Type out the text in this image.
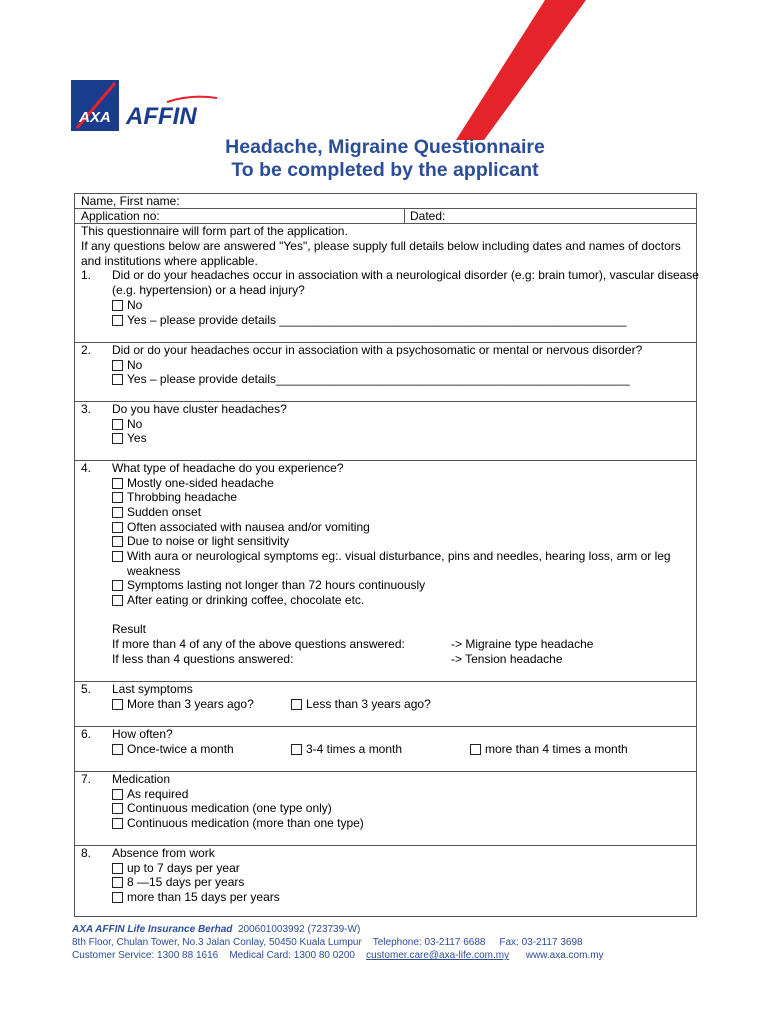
AXA AFFIN
Headache, Migraine Questionnaire
To be completed by the applicant
Name, First name:
Application no:	Dated:
This questionnaire will form part of the application.
If any questions below are answered "Yes", please supply full details below including dates and names of doctors
and institutions where applicable.
1. Did or do your headaches occur in association with a neurological disorder (e.g: brain tumor), vascular disease
(e.g. hypertension) or a head injury?
No
Yes – please provide details ____________________________________________________
2. Did or do your headaches occur in association with a psychosomatic or mental or nervous disorder?
No
Yes – please provide details_____________________________________________________
3. Do you have cluster headaches?
No
Yes
4. What type of headache do you experience?
Mostly one-sided headache
Throbbing headache
Sudden onset
Often associated with nausea and/or vomiting
Due to noise or light sensitivity
With aura or neurological symptoms eg:. visual disturbance, pins and needles, hearing loss, arm or leg
weakness
Symptoms lasting not longer than 72 hours continuously
After eating or drinking coffee, chocolate etc.
Result
If more than 4 of any of the above questions answered:	-> Migraine type headache
If less than 4 questions answered:	-> Tension headache
5. Last symptoms
More than 3 years ago?	Less than 3 years ago?
6. How often?
Once-twice a month	3-4 times a month	more than 4 times a month
7. Medication
As required
Continuous medication (one type only)
Continuous medication (more than one type)
8. Absence from work
up to 7 days per year
8 —15 days per years
more than 15 days per years
AXA AFFIN Life Insurance Berhad 200601003992 (723739-W)
8th Floor, Chulan Tower, No.3 Jalan Conlay, 50450 Kuala Lumpur Telephone: 03-2117 6688 Fax: 03-2117 3698
Customer Service: 1300 88 1616 Medical Card: 1300 80 0200 customer.care@axa-life.com.my www.axa.com.my
